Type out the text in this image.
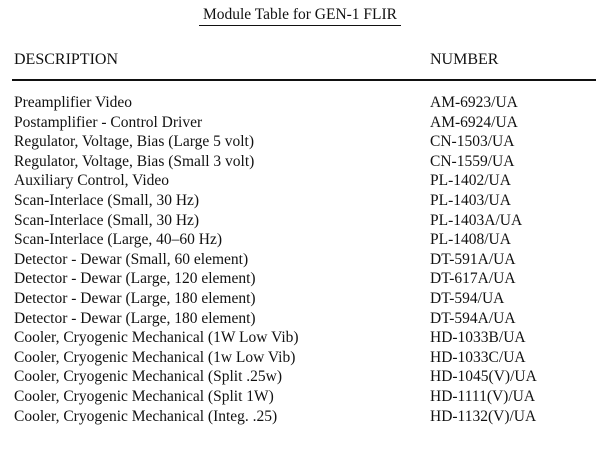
Module Table for GEN-1 FLIR
DESCRIPTION	NUMBER
Preamplifier Video	AM-6923/UA
Postamplifier - Control Driver	AM-6924/UA
Regulator, Voltage, Bias (Large 5 volt)	CN-1503/UA
Regulator, Voltage, Bias (Small 3 volt)	CN-1559/UA
Auxiliary Control, Video	PL-1402/UA
Scan-Interlace (Small, 30 Hz)	PL-1403/UA
Scan-Interlace (Small, 30 Hz)	PL-1403A/UA
Scan-Interlace (Large, 40–60 Hz)	PL-1408/UA
Detector - Dewar (Small, 60 element)	DT-591A/UA
Detector - Dewar (Large, 120 element)	DT-617A/UA
Detector - Dewar (Large, 180 element)	DT-594/UA
Detector - Dewar (Large, 180 element)	DT-594A/UA
Cooler, Cryogenic Mechanical (1W Low Vib)	HD-1033B/UA
Cooler, Cryogenic Mechanical (1w Low Vib)	HD-1033C/UA
Cooler, Cryogenic Mechanical (Split .25w)	HD-1045(V)/UA
Cooler, Cryogenic Mechanical (Split 1W)	HD-1111(V)/UA
Cooler, Cryogenic Mechanical (Integ. .25)	HD-1132(V)/UA
